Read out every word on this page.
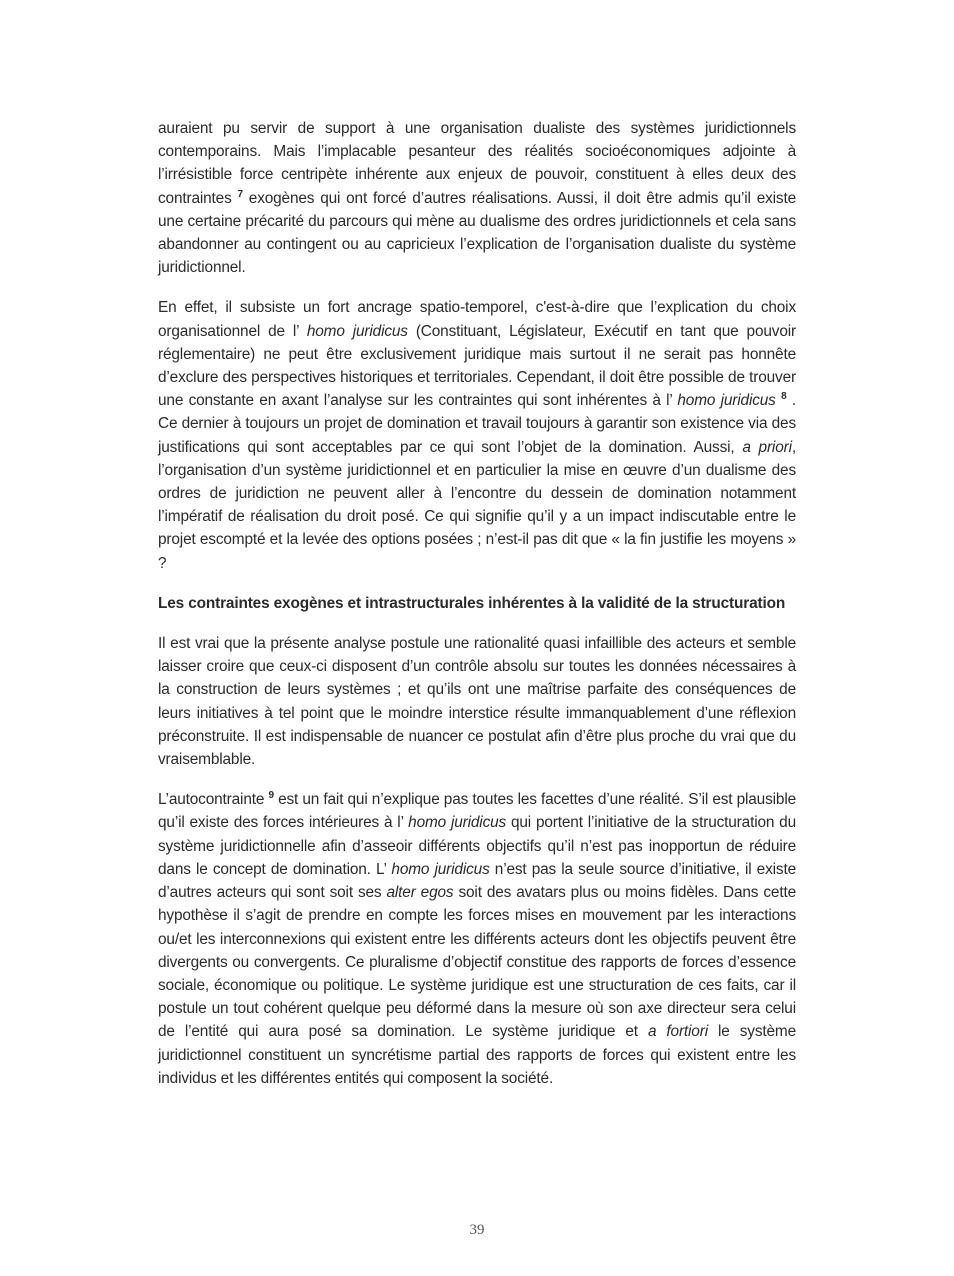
auraient pu servir de support à une organisation dualiste des systèmes juridictionnels contemporains. Mais l’implacable pesanteur des réalités socioéconomiques adjointe à l’irrésistible force centripète inhérente aux enjeux de pouvoir, constituent à elles deux des contraintes $^7$ exogènes qui ont forcé d’autres réalisations. Aussi, il doit être admis qu’il existe une certaine précarité du parcours qui mène au dualisme des ordres juridictionnels et cela sans abandonner au contingent ou au capricieux l’explication de l’organisation dualiste du système juridictionnel.

En effet, il subsiste un fort ancrage spatio-temporel, c'est-à-dire que l’explication du choix organisationnel de l’ homo juridicus (Constituant, Législateur, Exécutif en tant que pouvoir réglementaire) ne peut être exclusivement juridique mais surtout il ne serait pas honnête d’exclure des perspectives historiques et territoriales. Cependant, il doit être possible de trouver une constante en axant l’analyse sur les contraintes qui sont inhérentes à l’ homo juridicus $^8$ . Ce dernier à toujours un projet de domination et travail toujours à garantir son existence via des justifications qui sont acceptables par ce qui sont l’objet de la domination. Aussi, a priori, l’organisation d’un système juridictionnel et en particulier la mise en œuvre d’un dualisme des ordres de juridiction ne peuvent aller à l’encontre du dessein de domination notamment l’impératif de réalisation du droit posé. Ce qui signifie qu’il y a un impact indiscutable entre le projet escompté et la levée des options posées ; n’est-il pas dit que « la fin justifie les moyens » ?

Les contraintes exogènes et intrastructurales inhérentes à la validité de la structuration

Il est vrai que la présente analyse postule une rationalité quasi infaillible des acteurs et semble laisser croire que ceux-ci disposent d’un contrôle absolu sur toutes les données nécessaires à la construction de leurs systèmes ; et qu’ils ont une maîtrise parfaite des conséquences de leurs initiatives à tel point que le moindre interstice résulte immanquablement d’une réflexion préconstruite. Il est indispensable de nuancer ce postulat afin d’être plus proche du vrai que du vraisemblable.

L’autocontrainte $^9$ est un fait qui n’explique pas toutes les facettes d’une réalité. S’il est plausible qu’il existe des forces intérieures à l’ homo juridicus qui portent l’initiative de la structuration du système juridictionnelle afin d’asseoir différents objectifs qu’il n’est pas inopportun de réduire dans le concept de domination. L’ homo juridicus n’est pas la seule source d’initiative, il existe d’autres acteurs qui sont soit ses alter egos soit des avatars plus ou moins fidèles. Dans cette hypothèse il s’agit de prendre en compte les forces mises en mouvement par les interactions ou/et les interconnexions qui existent entre les différents acteurs dont les objectifs peuvent être divergents ou convergents. Ce pluralisme d’objectif constitue des rapports de forces d’essence sociale, économique ou politique. Le système juridique est une structuration de ces faits, car il postule un tout cohérent quelque peu déformé dans la mesure où son axe directeur sera celui de l’entité qui aura posé sa domination. Le système juridique et a fortiori le système juridictionnel constituent un syncrétisme partial des rapports de forces qui existent entre les individus et les différentes entités qui composent la société.

39
